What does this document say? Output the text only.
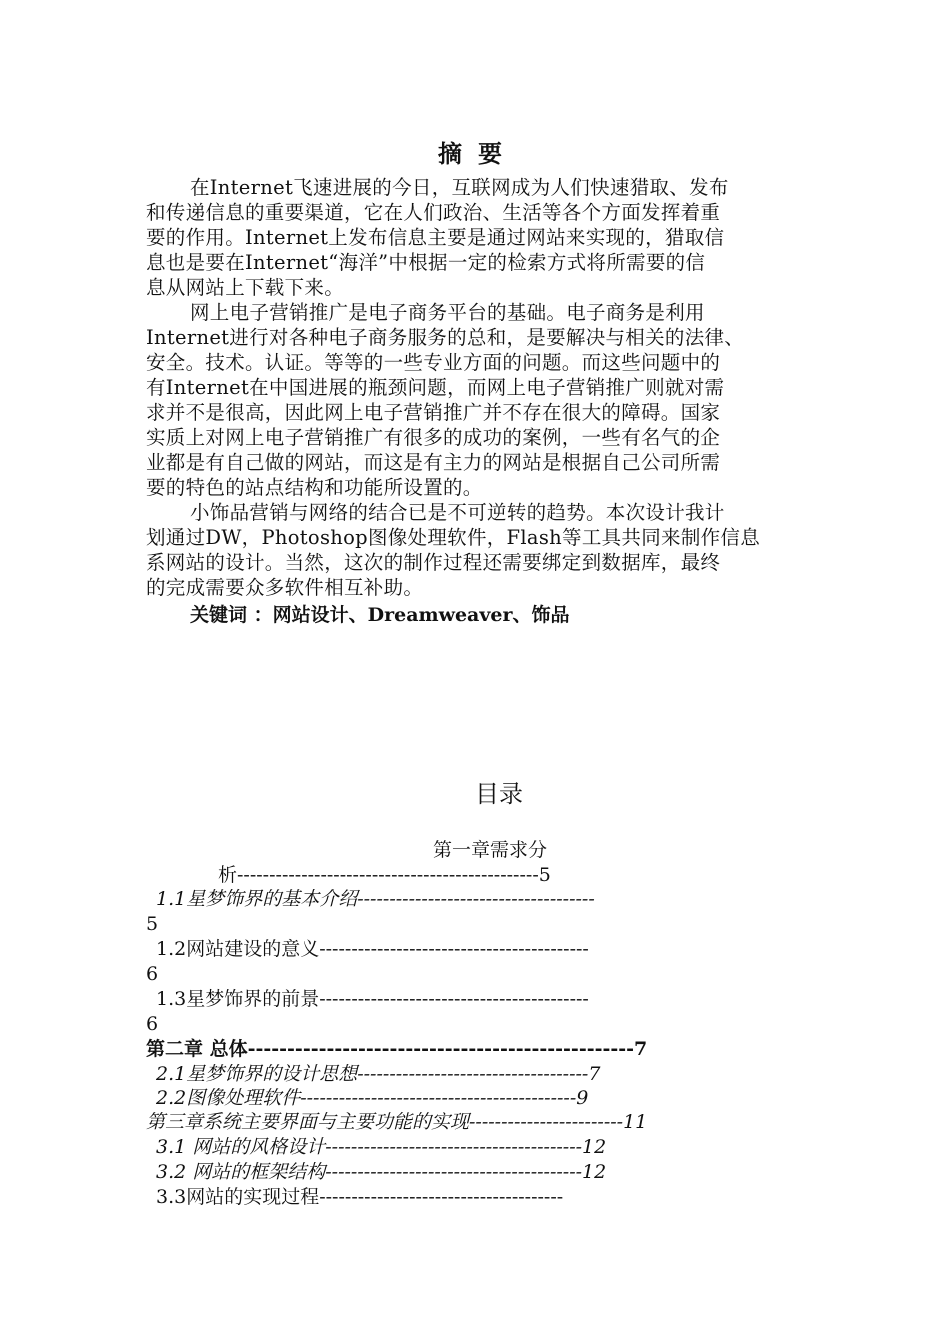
摘要
在Internet飞速进展的今日，互联网成为人们快速猎取、发布
和传递信息的重要渠道，它在人们政治、生活等各个方面发挥着重
要的作用。Internet上发布信息主要是通过网站来实现的，猎取信
息也是要在Internet“海洋”中根据一定的检索方式将所需要的信
息从网站上下载下来。
网上电子营销推广是电子商务平台的基础。电子商务是利用
Internet进行对各种电子商务服务的总和，是要解决与相关的法律、
安全。技术。认证。等等的一些专业方面的问题。而这些问题中的
有Internet在中国进展的瓶颈问题，而网上电子营销推广则就对需
求并不是很高，因此网上电子营销推广并不存在很大的障碍。国家
实质上对网上电子营销推广有很多的成功的案例，一些有名气的企
业都是有自己做的网站，而这是有主力的网站是根据自己公司所需
要的特色的站点结构和功能所设置的。
小饰品营销与网络的结合已是不可逆转的趋势。本次设计我计
划通过DW，Photoshop图像处理软件，Flash等工具共同来制作信息
系网站的设计。当然，这次的制作过程还需要绑定到数据库，最终
的完成需要众多软件相互补助。
关键词 ：网站设计、Dreamweaver、饰品
目录
第一章需求分
析-----------------------------------------------5
1.1星梦饰界的基本介绍-------------------------------------
5
1.2网站建设的意义------------------------------------------
6
1.3星梦饰界的前景------------------------------------------
6
第二章 总体-------------------------------------------------7
2.1星梦饰界的设计思想------------------------------------7
2.2图像处理软件-------------------------------------------9
第三章系统主要界面与主要功能的实现------------------------11
3.1 网站的风格设计----------------------------------------12
3.2 网站的框架结构----------------------------------------12
3.3网站的实现过程--------------------------------------
